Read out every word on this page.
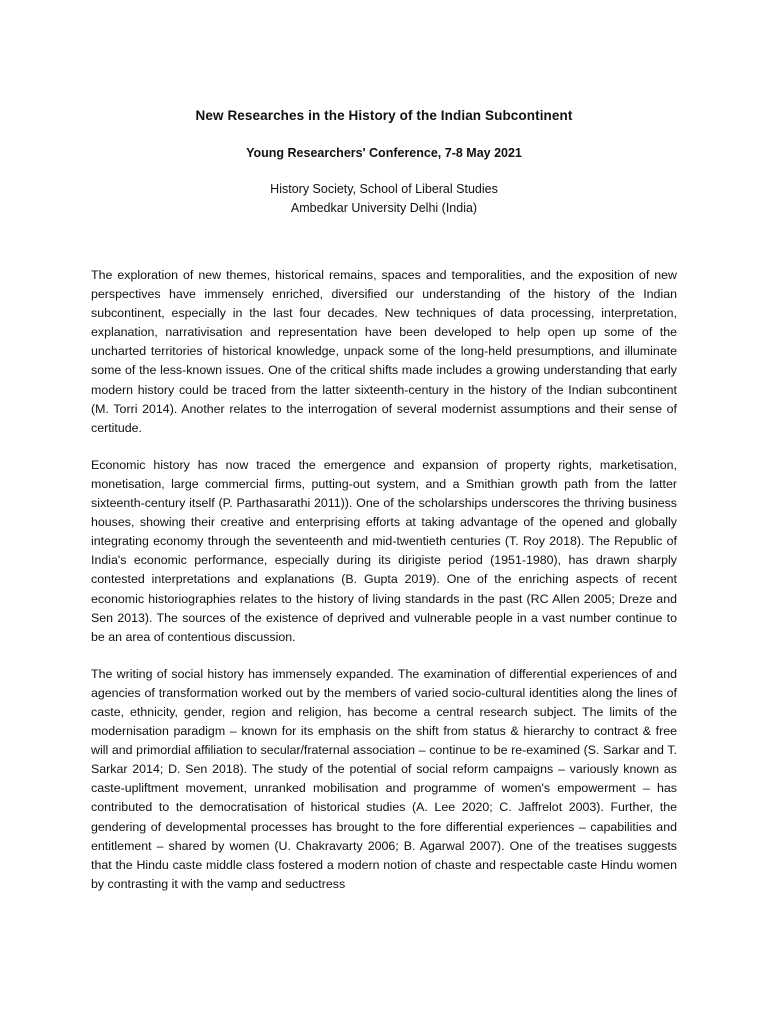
New Researches in the History of the Indian Subcontinent
Young Researchers' Conference, 7-8 May 2021
History Society, School of Liberal Studies
Ambedkar University Delhi (India)

The exploration of new themes, historical remains, spaces and temporalities, and the exposition of new perspectives have immensely enriched, diversified our understanding of the history of the Indian subcontinent, especially in the last four decades. New techniques of data processing, interpretation, explanation, narrativisation and representation have been developed to help open up some of the uncharted territories of historical knowledge, unpack some of the long-held presumptions, and illuminate some of the less-known issues. One of the critical shifts made includes a growing understanding that early modern history could be traced from the latter sixteenth-century in the history of the Indian subcontinent (M. Torri 2014). Another relates to the interrogation of several modernist assumptions and their sense of certitude.

Economic history has now traced the emergence and expansion of property rights, marketisation, monetisation, large commercial firms, putting-out system, and a Smithian growth path from the latter sixteenth-century itself (P. Parthasarathi 2011)). One of the scholarships underscores the thriving business houses, showing their creative and enterprising efforts at taking advantage of the opened and globally integrating economy through the seventeenth and mid-twentieth centuries (T. Roy 2018). The Republic of India's economic performance, especially during its dirigiste period (1951-1980), has drawn sharply contested interpretations and explanations (B. Gupta 2019). One of the enriching aspects of recent economic historiographies relates to the history of living standards in the past (RC Allen 2005; Dreze and Sen 2013). The sources of the existence of deprived and vulnerable people in a vast number continue to be an area of contentious discussion.

The writing of social history has immensely expanded. The examination of differential experiences of and agencies of transformation worked out by the members of varied socio-cultural identities along the lines of caste, ethnicity, gender, region and religion, has become a central research subject. The limits of the modernisation paradigm – known for its emphasis on the shift from status & hierarchy to contract & free will and primordial affiliation to secular/fraternal association – continue to be re-examined (S. Sarkar and T. Sarkar 2014; D. Sen 2018). The study of the potential of social reform campaigns – variously known as caste-upliftment movement, unranked mobilisation and programme of women's empowerment – has contributed to the democratisation of historical studies (A. Lee 2020; C. Jaffrelot 2003). Further, the gendering of developmental processes has brought to the fore differential experiences – capabilities and entitlement – shared by women (U. Chakravarty 2006; B. Agarwal 2007). One of the treatises suggests that the Hindu caste middle class fostered a modern notion of chaste and respectable caste Hindu women by contrasting it with the vamp and seductress
